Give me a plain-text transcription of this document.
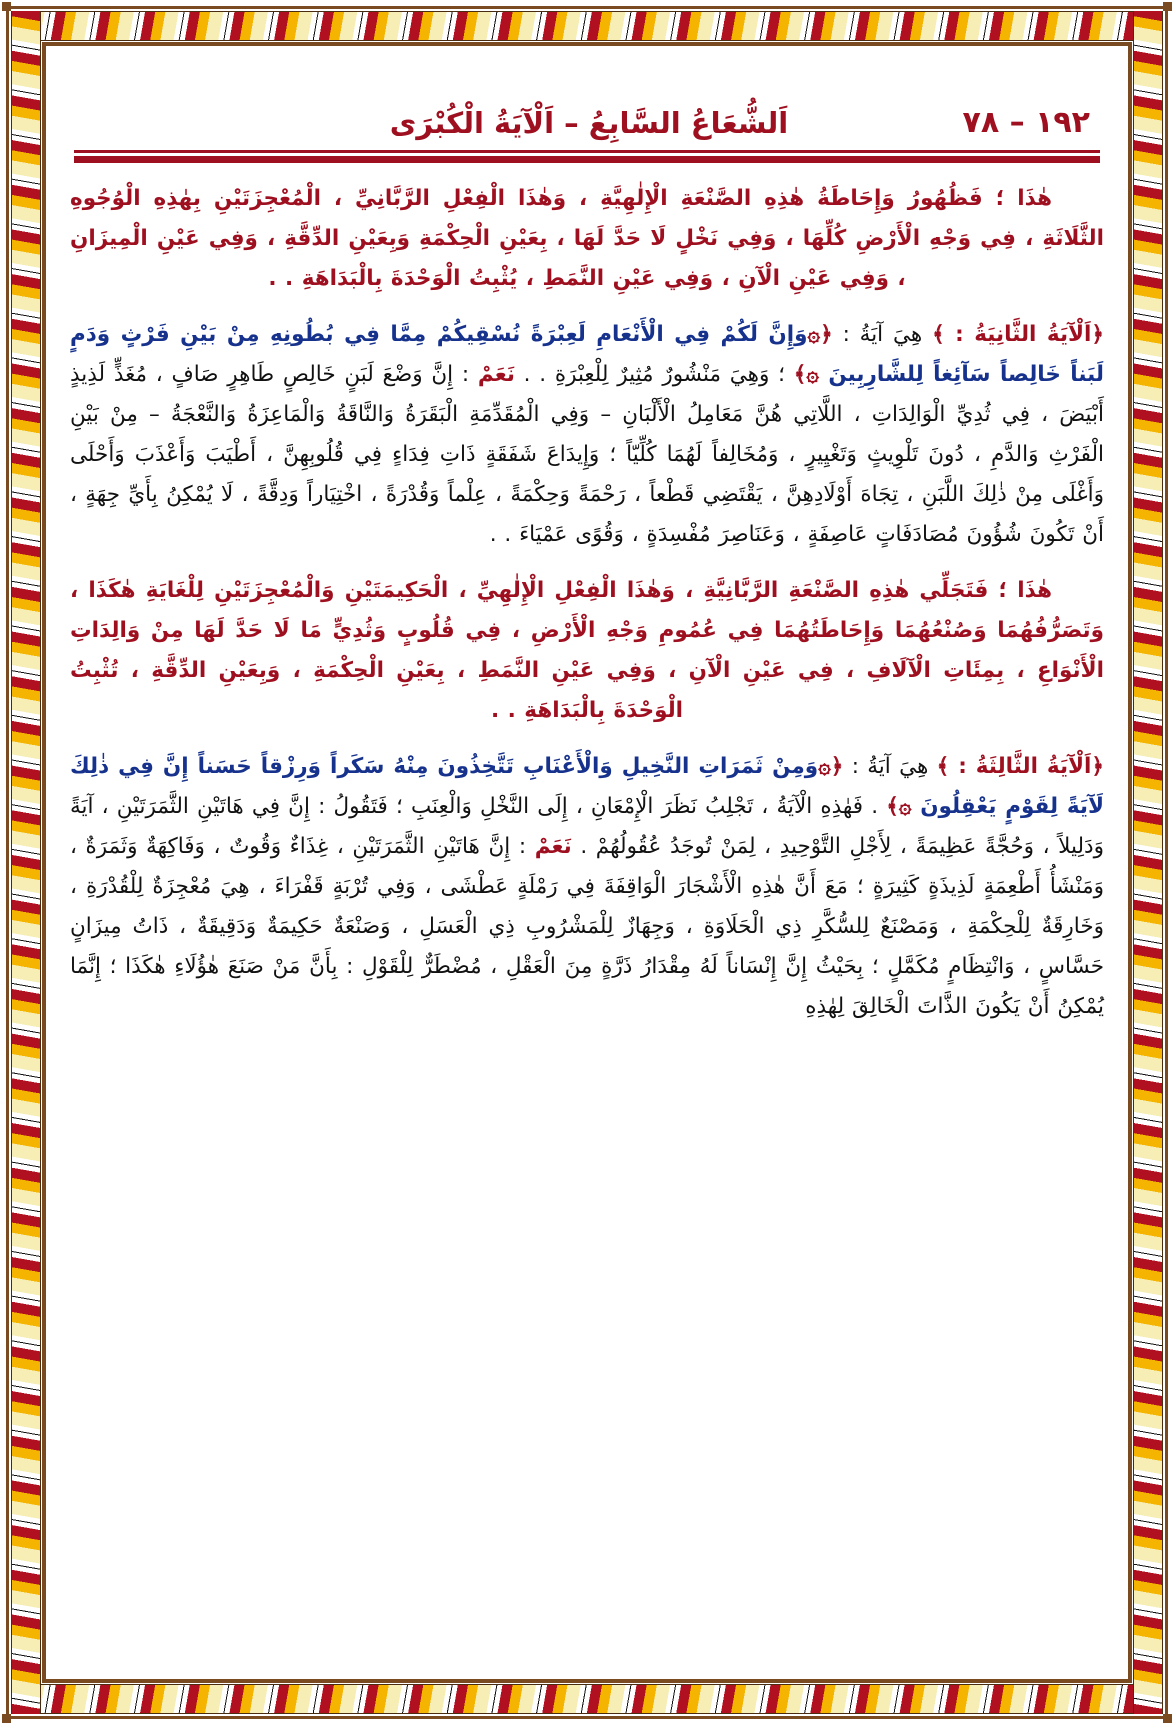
١٩٢ – ٧٨
اَلشُّعَاعُ السَّابِعُ – اَلْآيَةُ الْكُبْرَى

هٰذَا ؛ فَظُهُورُ وَإِحَاطَةُ هٰذِهِ الصَّنْعَةِ الْإِلٰهِيَّةِ ، وَهٰذَا الْفِعْلِ الرَّبَّانِيِّ ، الْمُعْجِزَتَيْنِ بِهٰذِهِ الْوُجُوهِ الثَّلَاثَةِ ، فِي وَجْهِ الْأَرْضِ كُلِّهَا ، وَفِي نَخْلٍ لَا حَدَّ لَهَا ، بِعَيْنِ الْحِكْمَةِ وَبِعَيْنِ الدِّقَّةِ ، وَفِي عَيْنِ الْمِيزَانِ ، وَفِي عَيْنِ الْآنِ ، وَفِي عَيْنِ النَّمَطِ ، يُثْبِتُ الْوَحْدَةَ بِالْبَدَاهَةِ . .

﴿اَلْآيَةُ الثَّانِيَةُ : ﴾ هِيَ آيَةُ : ﴿۞وَإِنَّ لَكُمْ فِي الْأَنْعَامِ لَعِبْرَةً نُسْقِيكُمْ مِمَّا فِي بُطُونِهِ مِنْ بَيْنِ فَرْثٍ وَدَمٍ لَبَناً خَالِصاً سَآئِغاً لِلشَّارِبِينَ ۞﴾ ؛ وَهِيَ مَنْشُورٌ مُثِيرٌ لِلْعِبْرَةِ . . نَعَمْ : إِنَّ وَضْعَ لَبَنٍ خَالِصٍ طَاهِرٍ صَافٍ ، مُغَذٍّ لَذِيذٍ أَبْيَضَ ، فِي ثُدِيِّ الْوَالِدَاتِ ، اللَّاتِي هُنَّ مَعَامِلُ الْأَلْبَانِ – وَفِي الْمُقَدِّمَةِ الْبَقَرَةُ وَالنَّاقَةُ وَالْمَاعِزَةُ وَالنَّعْجَةُ – مِنْ بَيْنِ الْفَرْثِ وَالدَّمِ ، دُونَ تَلْوِيثٍ وَتَغْيِيرٍ ، وَمُخَالِفاً لَهُمَا كُلِّيّاً ؛ وَإِيدَاعَ شَفَقَةٍ ذَاتِ فِدَاءٍ فِي قُلُوبِهِنَّ ، أَطْيَبَ وَأَعْذَبَ وَأَحْلَى وَأَغْلَى مِنْ ذٰلِكَ اللَّبَنِ ، تِجَاهَ أَوْلَادِهِنَّ ، يَقْتَضِي قَطْعاً ، رَحْمَةً وَحِكْمَةً ، عِلْماً وَقُدْرَةً ، اخْتِيَاراً وَدِقَّةً ، لَا يُمْكِنُ بِأَيِّ جِهَةٍ ، أَنْ تَكُونَ شُؤُونَ مُصَادَفَاتٍ عَاصِفَةٍ ، وَعَنَاصِرَ مُفْسِدَةٍ ، وَقُوًى عَمْيَاءَ . .

هٰذَا ؛ فَتَجَلِّي هٰذِهِ الصَّنْعَةِ الرَّبَّانِيَّةِ ، وَهٰذَا الْفِعْلِ الْإِلٰهِيِّ ، الْحَكِيمَتَيْنِ وَالْمُعْجِزَتَيْنِ لِلْغَايَةِ هٰكَذَا ، وَتَصَرُّفُهُمَا وَصُنْعُهُمَا وَإِحَاطَتُهُمَا فِي عُمُومِ وَجْهِ الْأَرْضِ ، فِي قُلُوبٍ وَثُدِيٍّ مَا لَا حَدَّ لَهَا مِنْ وَالِدَاتِ الْأَنْوَاعِ ، بِمِئَاتِ الْآلَافِ ، فِي عَيْنِ الْآنِ ، وَفِي عَيْنِ النَّمَطِ ، بِعَيْنِ الْحِكْمَةِ ، وَبِعَيْنِ الدِّقَّةِ ، تُثْبِتُ الْوَحْدَةَ بِالْبَدَاهَةِ . .

﴿اَلْآيَةُ الثَّالِثَةُ : ﴾ هِيَ آيَةُ : ﴿۞وَمِنْ ثَمَرَاتِ النَّخِيلِ وَالْأَعْنَابِ تَتَّخِذُونَ مِنْهُ سَكَراً وَرِزْقاً حَسَناً إِنَّ فِي ذٰلِكَ لَآيَةً لِقَوْمٍ يَعْقِلُونَ ۞﴾ . فَهٰذِهِ الْآيَةُ ، تَجْلِبُ نَظَرَ الْإِمْعَانِ ، إِلَى النَّخْلِ وَالْعِنَبِ ؛ فَتَقُولُ : إِنَّ فِي هَاتَيْنِ الثَّمَرَتَيْنِ ، آيَةً وَدَلِيلاً ، وَحُجَّةً عَظِيمَةً ، لِأَجْلِ التَّوْحِيدِ ، لِمَنْ تُوجَدُ عُقُولُهُمْ . نَعَمْ : إِنَّ هَاتَيْنِ الثَّمَرَتَيْنِ ، غِذَاءٌ وَقُوتٌ ، وَفَاكِهَةٌ وَثَمَرَةٌ ، وَمَنْشَأُ أَطْعِمَةٍ لَذِيذَةٍ كَثِيرَةٍ ؛ مَعَ أَنَّ هٰذِهِ الْأَشْجَارَ الْوَاقِفَةَ فِي رَمْلَةٍ عَطْشَى ، وَفِي تُرْبَةٍ قَفْرَاءَ ، هِيَ مُعْجِزَةٌ لِلْقُدْرَةِ ، وَخَارِقَةٌ لِلْحِكْمَةِ ، وَمَصْنَعٌ لِلسُّكَّرِ ذِي الْحَلَاوَةِ ، وَجِهَازٌ لِلْمَشْرُوبِ ذِي الْعَسَلِ ، وَصَنْعَةٌ حَكِيمَةٌ وَدَقِيقَةٌ ، ذَاتُ مِيزَانٍ حَسَّاسٍ ، وَانْتِظَامٍ مُكَمَّلٍ ؛ بِحَيْثُ إِنَّ إِنْسَاناً لَهُ مِقْدَارُ ذَرَّةٍ مِنَ الْعَقْلِ ، مُضْطَرٌّ لِلْقَوْلِ : بِأَنَّ مَنْ صَنَعَ هٰؤُلَاءِ هٰكَذَا ؛ إِنَّمَا يُمْكِنُ أَنْ يَكُونَ الذَّاتَ الْخَالِقَ لِهٰذِهِ
